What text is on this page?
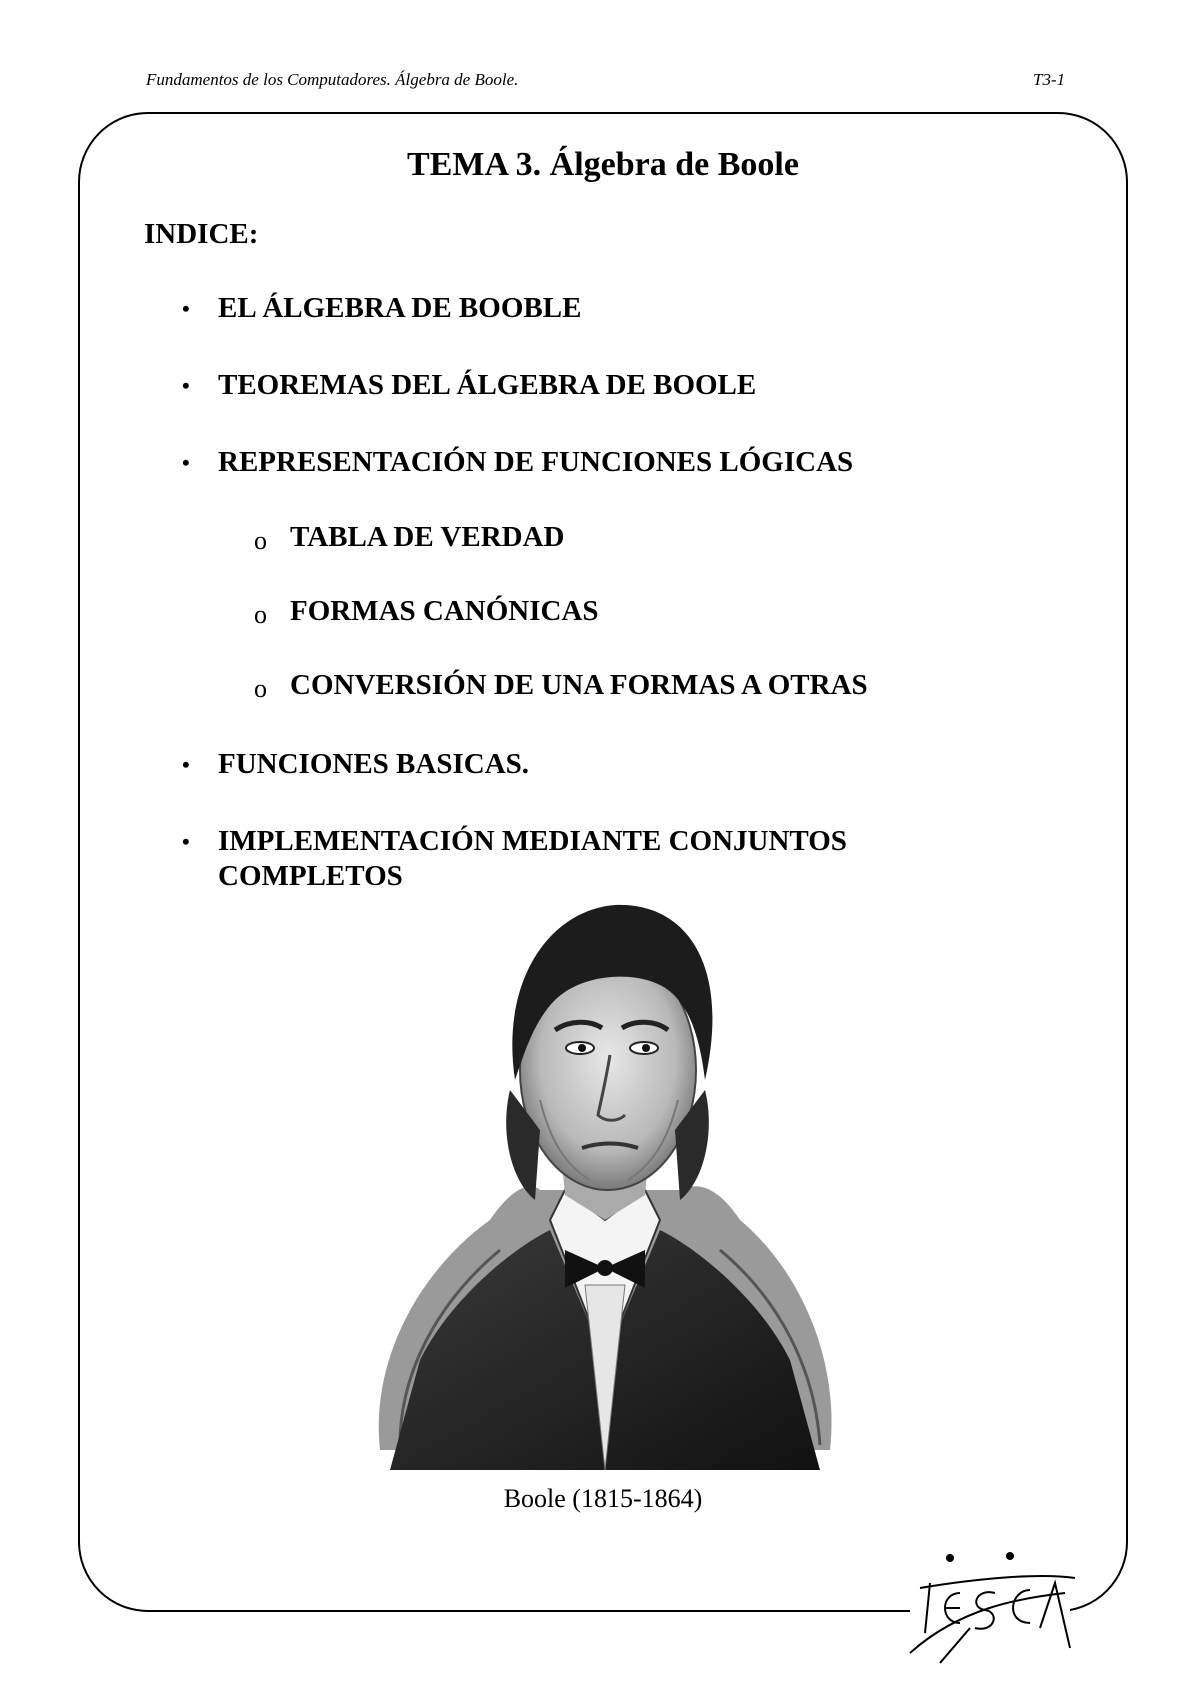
Fundamentos de los Computadores. Álgebra de Boole.	T3-1
TEMA 3. Álgebra de Boole
INDICE:
• EL ÁLGEBRA DE BOOBLE
• TEOREMAS DEL ÁLGEBRA DE BOOLE
• REPRESENTACIÓN DE FUNCIONES LÓGICAS
o TABLA DE VERDAD
o FORMAS CANÓNICAS
o CONVERSIÓN DE UNA FORMAS A OTRAS
• FUNCIONES BASICAS.
• IMPLEMENTACIÓN MEDIANTE CONJUNTOS
COMPLETOS
Boole (1815-1864)
